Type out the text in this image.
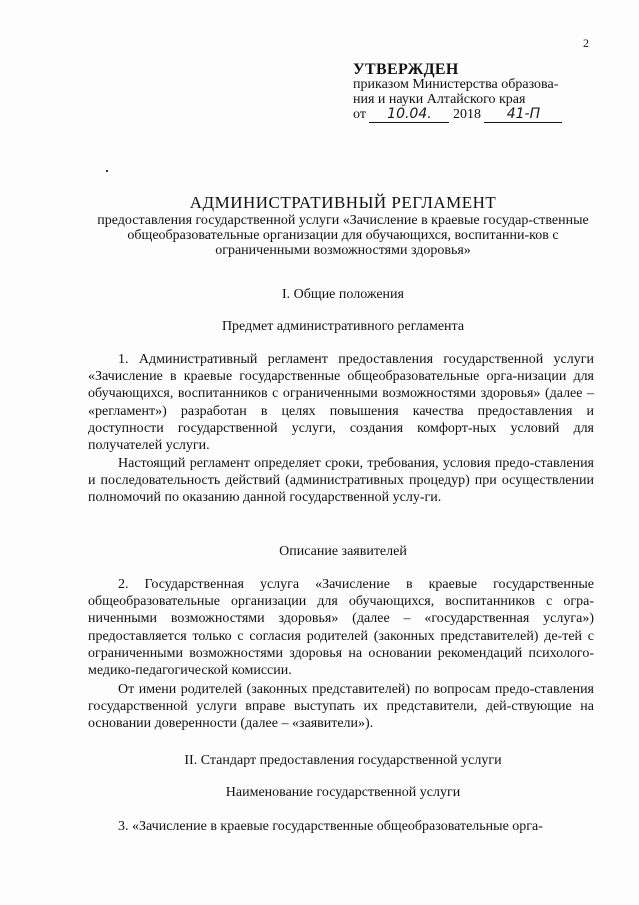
2
УТВЕРЖДЕН
приказом Министерства образова-
ния и науки Алтайского края
от 10.04. 2018 41-П
АДМИНИСТРАТИВНЫЙ РЕГЛАМЕНТ
предоставления государственной услуги «Зачисление в краевые государ-ственные общеобразовательные организации для обучающихся, воспитанни-ков с ограниченными возможностями здоровья»
I. Общие положения
Предмет административного регламента
1. Административный регламент предоставления государственной услуги «Зачисление в краевые государственные общеобразовательные орга-низации для обучающихся, воспитанников с ограниченными возможностями здоровья» (далее – «регламент») разработан в целях повышения качества предоставления и доступности государственной услуги, создания комфорт-ных условий для получателей услуги.
Настоящий регламент определяет сроки, требования, условия предо-ставления и последовательность действий (административных процедур) при осуществлении полномочий по оказанию данной государственной услу-ги.
Описание заявителей
2. Государственная услуга «Зачисление в краевые государственные общеобразовательные организации для обучающихся, воспитанников с огра-ниченными возможностями здоровья» (далее – «государственная услуга») предоставляется только с согласия родителей (законных представителей) де-тей с ограниченными возможностями здоровья на основании рекомендаций психолого-медико-педагогической комиссии.
От имени родителей (законных представителей) по вопросам предо-ставления государственной услуги вправе выступать их представители, дей-ствующие на основании доверенности (далее – «заявители»).
II. Стандарт предоставления государственной услуги
Наименование государственной услуги
3. «Зачисление в краевые государственные общеобразовательные орга-
